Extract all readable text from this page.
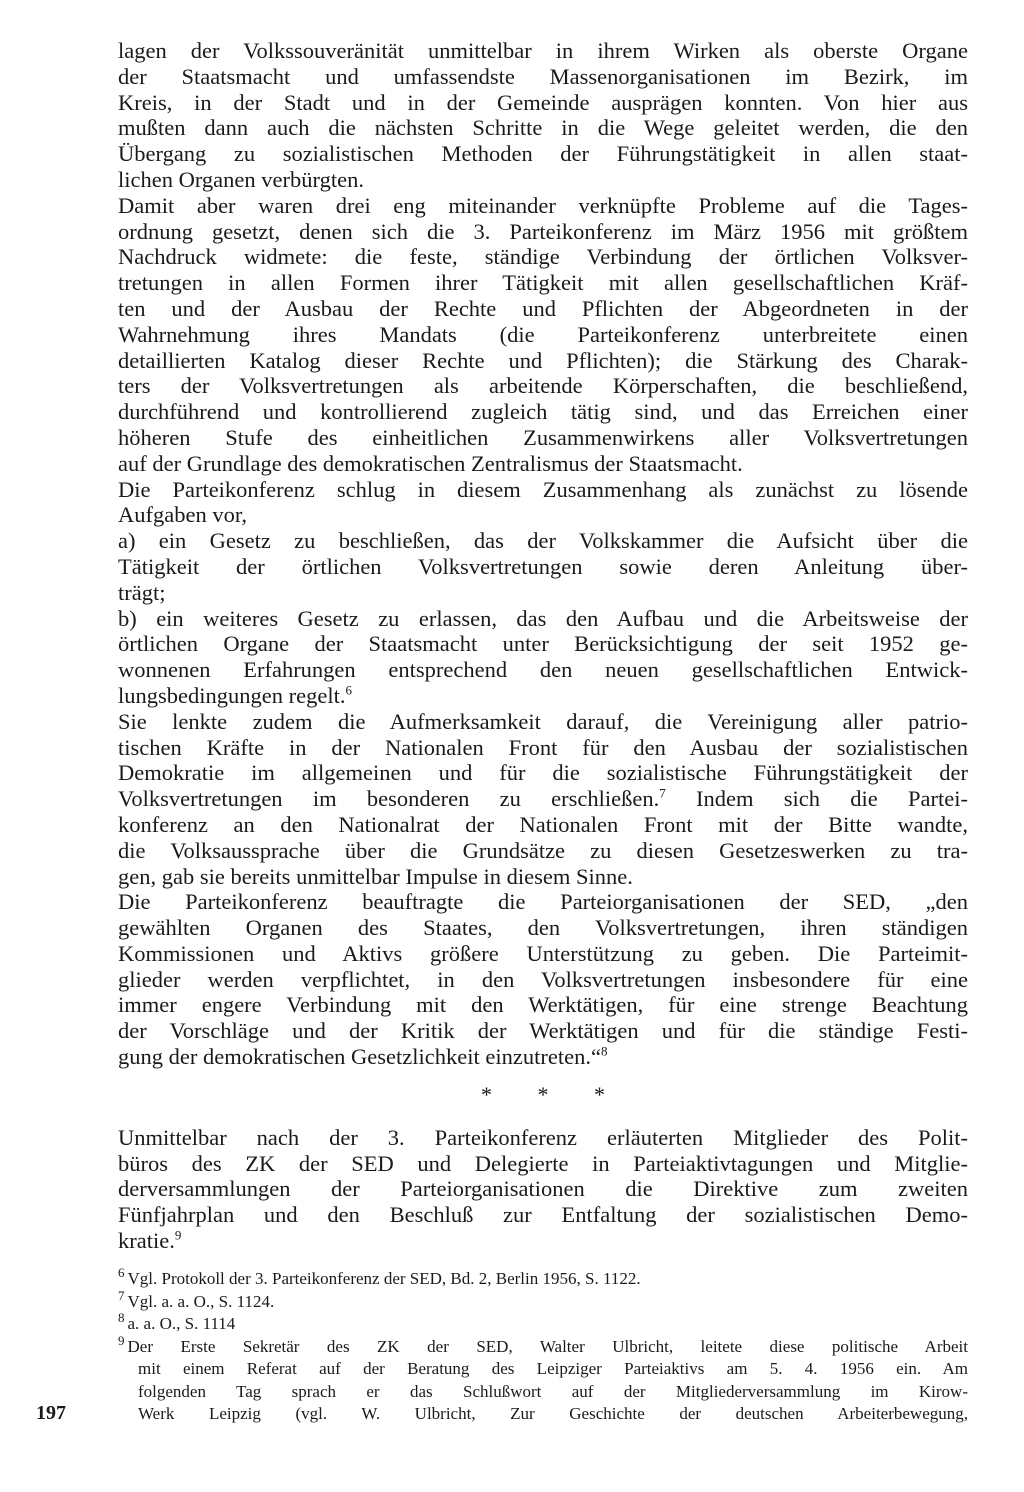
lagen der Volkssouveränität unmittelbar in ihrem Wirken als oberste Organe
der Staatsmacht und umfassendste Massenorganisationen im Bezirk, im
Kreis, in der Stadt und in der Gemeinde ausprägen konnten. Von hier aus
mußten dann auch die nächsten Schritte in die Wege geleitet werden, die den
Übergang zu sozialistischen Methoden der Führungstätigkeit in allen staat-
lichen Organen verbürgten.
Damit aber waren drei eng miteinander verknüpfte Probleme auf die Tages-
ordnung gesetzt, denen sich die 3. Parteikonferenz im März 1956 mit größtem
Nachdruck widmete: die feste, ständige Verbindung der örtlichen Volksver-
tretungen in allen Formen ihrer Tätigkeit mit allen gesellschaftlichen Kräf-
ten und der Ausbau der Rechte und Pflichten der Abgeordneten in der
Wahrnehmung ihres Mandats (die Parteikonferenz unterbreitete einen
detaillierten Katalog dieser Rechte und Pflichten); die Stärkung des Charak-
ters der Volksvertretungen als arbeitende Körperschaften, die beschließend,
durchführend und kontrollierend zugleich tätig sind, und das Erreichen einer
höheren Stufe des einheitlichen Zusammenwirkens aller Volksvertretungen
auf der Grundlage des demokratischen Zentralismus der Staatsmacht.
Die Parteikonferenz schlug in diesem Zusammenhang als zunächst zu lösende
Aufgaben vor,
a) ein Gesetz zu beschließen, das der Volkskammer die Aufsicht über die
Tätigkeit der örtlichen Volksvertretungen sowie deren Anleitung über-
trägt;
b) ein weiteres Gesetz zu erlassen, das den Aufbau und die Arbeitsweise der
örtlichen Organe der Staatsmacht unter Berücksichtigung der seit 1952 ge-
wonnenen Erfahrungen entsprechend den neuen gesellschaftlichen Entwick-
lungsbedingungen regelt.$^6$
Sie lenkte zudem die Aufmerksamkeit darauf, die Vereinigung aller patrio-
tischen Kräfte in der Nationalen Front für den Ausbau der sozialistischen
Demokratie im allgemeinen und für die sozialistische Führungstätigkeit der
Volksvertretungen im besonderen zu erschließen.$^7$ Indem sich die Partei-
konferenz an den Nationalrat der Nationalen Front mit der Bitte wandte,
die Volksaussprache über die Grundsätze zu diesen Gesetzeswerken zu tra-
gen, gab sie bereits unmittelbar Impulse in diesem Sinne.
Die Parteikonferenz beauftragte die Parteiorganisationen der SED, „den
gewählten Organen des Staates, den Volksvertretungen, ihren ständigen
Kommissionen und Aktivs größere Unterstützung zu geben. Die Parteimit-
glieder werden verpflichtet, in den Volksvertretungen insbesondere für eine
immer engere Verbindung mit den Werktätigen, für eine strenge Beachtung
der Vorschläge und der Kritik der Werktätigen und für die ständige Festi-
gung der demokratischen Gesetzlichkeit einzutreten.“$^8$
* * *
Unmittelbar nach der 3. Parteikonferenz erläuterten Mitglieder des Polit-
büros des ZK der SED und Delegierte in Parteiaktivtagungen und Mitglie-
derversammlungen der Parteiorganisationen die Direktive zum zweiten
Fünfjahrplan und den Beschluß zur Entfaltung der sozialistischen Demo-
kratie.$^9$
$^6$ Vgl. Protokoll der 3. Parteikonferenz der SED, Bd. 2, Berlin 1956, S. 1122.
$^7$ Vgl. a. a. O., S. 1124.
$^8$ a. a. O., S. 1114
$^9$ Der Erste Sekretär des ZK der SED, Walter Ulbricht, leitete diese politische Arbeit
mit einem Referat auf der Beratung des Leipziger Parteiaktivs am 5. 4. 1956 ein. Am
folgenden Tag sprach er das Schlußwort auf der Mitgliederversammlung im Kirow-
Werk Leipzig (vgl. W. Ulbricht, Zur Geschichte der deutschen Arbeiterbewegung,
197
